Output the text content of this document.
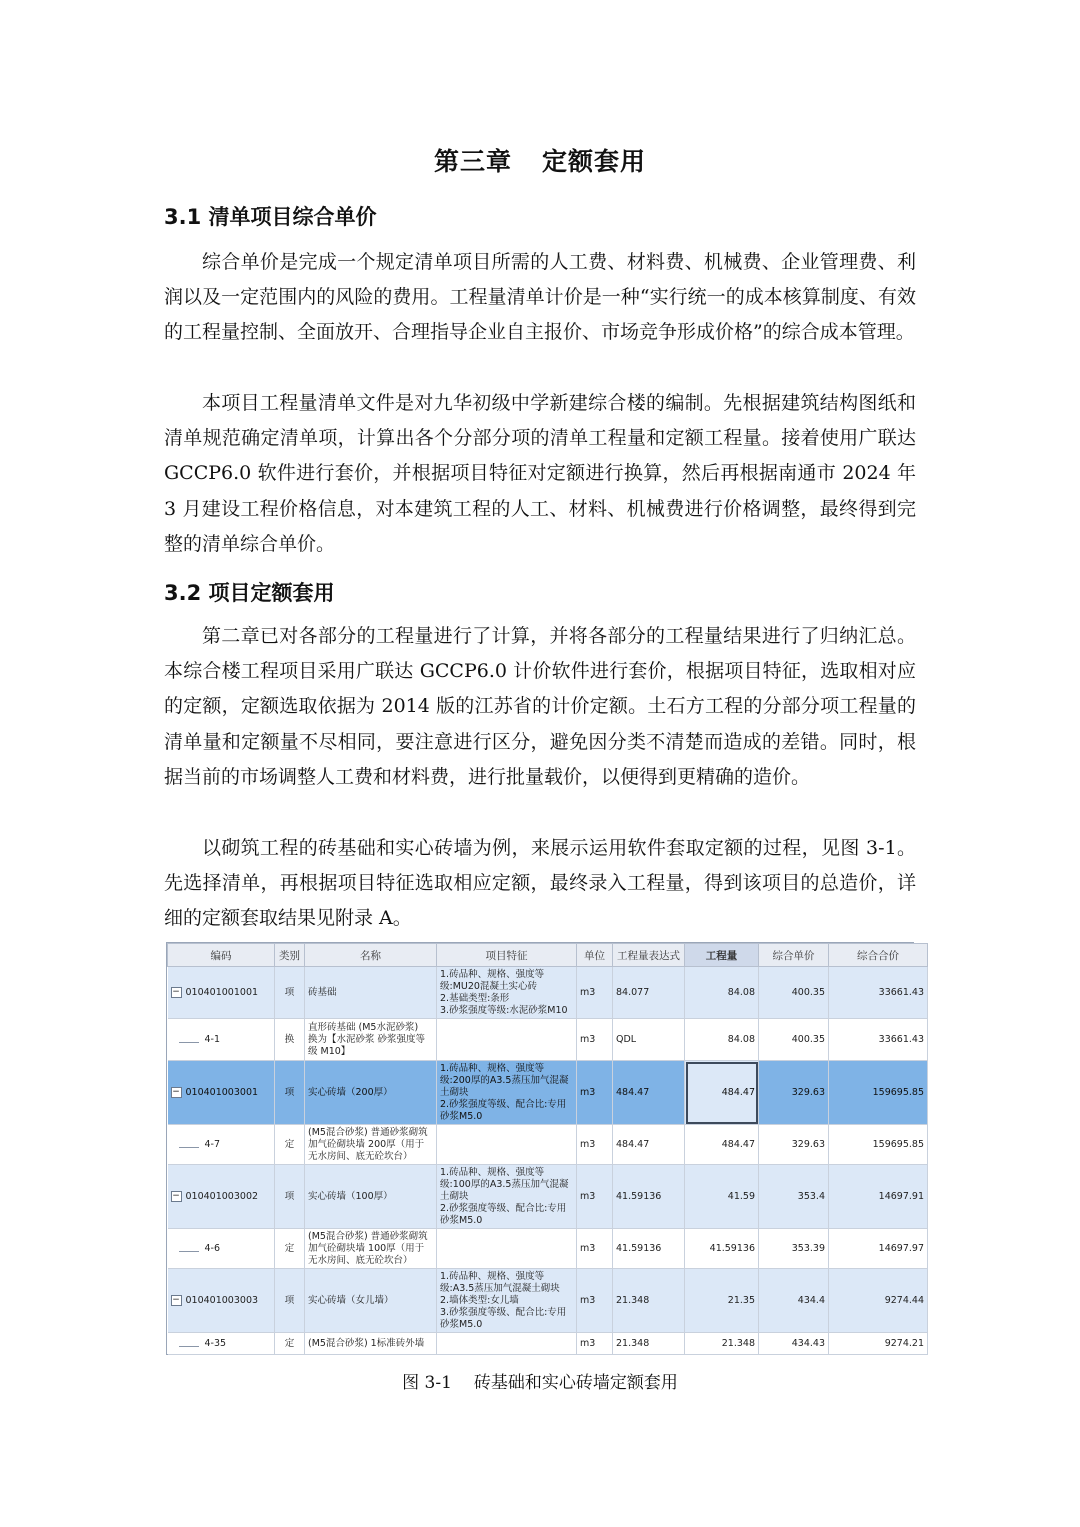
第三章 定额套用
3.1 清单项目综合单价

综合单价是完成一个规定清单项目所需的人工费、材料费、机械费、企业管理费、利润以及一定范围内的风险的费用。工程量清单计价是一种“实行统一的成本核算制度、有效的工程量控制、全面放开、合理指导企业自主报价、市场竞争形成价格”的综合成本管理。

本项目工程量清单文件是对九华初级中学新建综合楼的编制。先根据建筑结构图纸和清单规范确定清单项，计算出各个分部分项的清单工程量和定额工程量。接着使用广联达 GCCP6.0 软件进行套价，并根据项目特征对定额进行换算，然后再根据南通市 2024 年 3 月建设工程价格信息，对本建筑工程的人工、材料、机械费进行价格调整，最终得到完整的清单综合单价。

3.2 项目定额套用

第二章已对各部分的工程量进行了计算，并将各部分的工程量结果进行了归纳汇总。本综合楼工程项目采用广联达 GCCP6.0 计价软件进行套价，根据项目特征，选取相对应的定额，定额选取依据为 2014 版的江苏省的计价定额。土石方工程的分部分项工程量的清单量和定额量不尽相同，要注意进行区分，避免因分类不清楚而造成的差错。同时，根据当前的市场调整人工费和材料费，进行批量载价，以便得到更精确的造价。

以砌筑工程的砖基础和实心砖墙为例，来展示运用软件套取定额的过程，见图 3-1。先选择清单，再根据项目特征选取相应定额，最终录入工程量，得到该项目的总造价，详细的定额套取结果见附录 A。

编码	类别	名称	项目特征	单位	工程量表达式	工程量	综合单价	综合合价
− 010401001001	项	砖基础	1.砖品种、规格、强度等级:MU20混凝土实心砖
2.基础类型:条形
3.砂浆强度等级:水泥砂浆M10	m3	84.077	84.08	400.35	33661.43
4-1	换	直形砖基础 (M5水泥砂浆)
换为【水泥砂浆 砂浆强度等级 M10】		m3	QDL	84.08	400.35	33661.43
− 010401003001	项	实心砖墙（200厚）	1.砖品种、规格、强度等级:200厚的A3.5蒸压加气混凝土砌块
2.砂浆强度等级、配合比:专用砂浆M5.0	m3	484.47	484.47	329.63	159695.85
4-7	定	(M5混合砂浆) 普通砂浆砌筑加气砼砌块墙 200厚（用于无水房间、底无砼坎台）		m3	484.47	484.47	329.63	159695.85
− 010401003002	项	实心砖墙（100厚）	1.砖品种、规格、强度等级:100厚的A3.5蒸压加气混凝土砌块
2.砂浆强度等级、配合比:专用砂浆M5.0	m3	41.59136	41.59	353.4	14697.91
4-6	定	(M5混合砂浆) 普通砂浆砌筑加气砼砌块墙 100厚（用于无水房间、底无砼坎台）		m3	41.59136	41.59136	353.39	14697.97
− 010401003003	项	实心砖墙（女儿墙）	1.砖品种、规格、强度等级:A3.5蒸压加气混凝土砌块
2.墙体类型:女儿墙
3.砂浆强度等级、配合比:专用砂浆M5.0	m3	21.348	21.35	434.4	9274.44
4-35	定	(M5混合砂浆) 1标准砖外墙		m3	21.348	21.348	434.43	9274.21
图 3-1 砖基础和实心砖墙定额套用
